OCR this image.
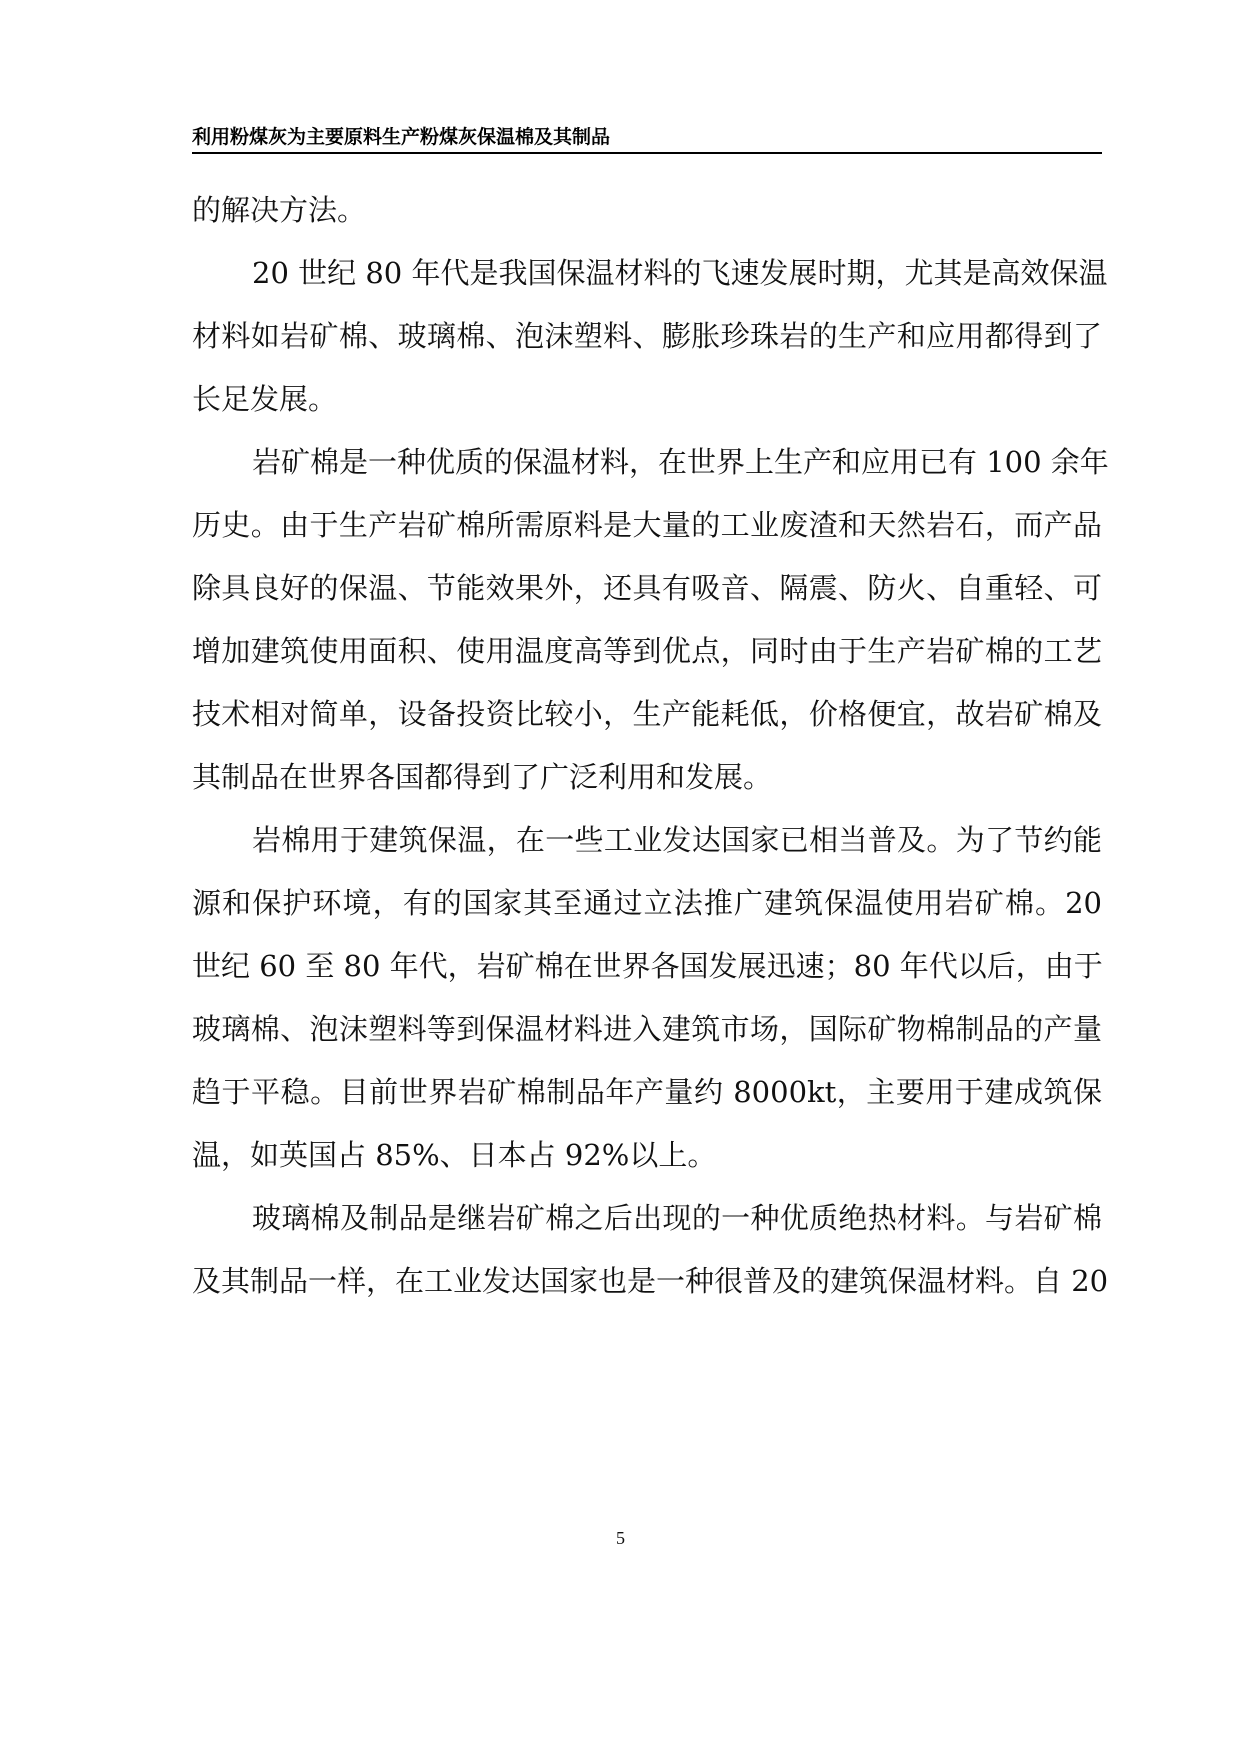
利用粉煤灰为主要原料生产粉煤灰保温棉及其制品
的解决方法。
20 世纪 80 年代是我国保温材料的飞速发展时期，尤其是高效保温
材料如岩矿棉、玻璃棉、泡沫塑料、膨胀珍珠岩的生产和应用都得到了
长足发展。
岩矿棉是一种优质的保温材料，在世界上生产和应用已有 100 余年
历史。由于生产岩矿棉所需原料是大量的工业废渣和天然岩石，而产品
除具良好的保温、节能效果外，还具有吸音、隔震、防火、自重轻、可
增加建筑使用面积、使用温度高等到优点，同时由于生产岩矿棉的工艺
技术相对简单，设备投资比较小，生产能耗低，价格便宜，故岩矿棉及
其制品在世界各国都得到了广泛利用和发展。
岩棉用于建筑保温，在一些工业发达国家已相当普及。为了节约能
源和保护环境，有的国家其至通过立法推广建筑保温使用岩矿棉。20
世纪 60 至 80 年代，岩矿棉在世界各国发展迅速；80 年代以后，由于
玻璃棉、泡沫塑料等到保温材料进入建筑市场，国际矿物棉制品的产量
趋于平稳。目前世界岩矿棉制品年产量约 8000kt，主要用于建成筑保
温，如英国占 85%、日本占 92%以上。
玻璃棉及制品是继岩矿棉之后出现的一种优质绝热材料。与岩矿棉
及其制品一样，在工业发达国家也是一种很普及的建筑保温材料。自 20
5
